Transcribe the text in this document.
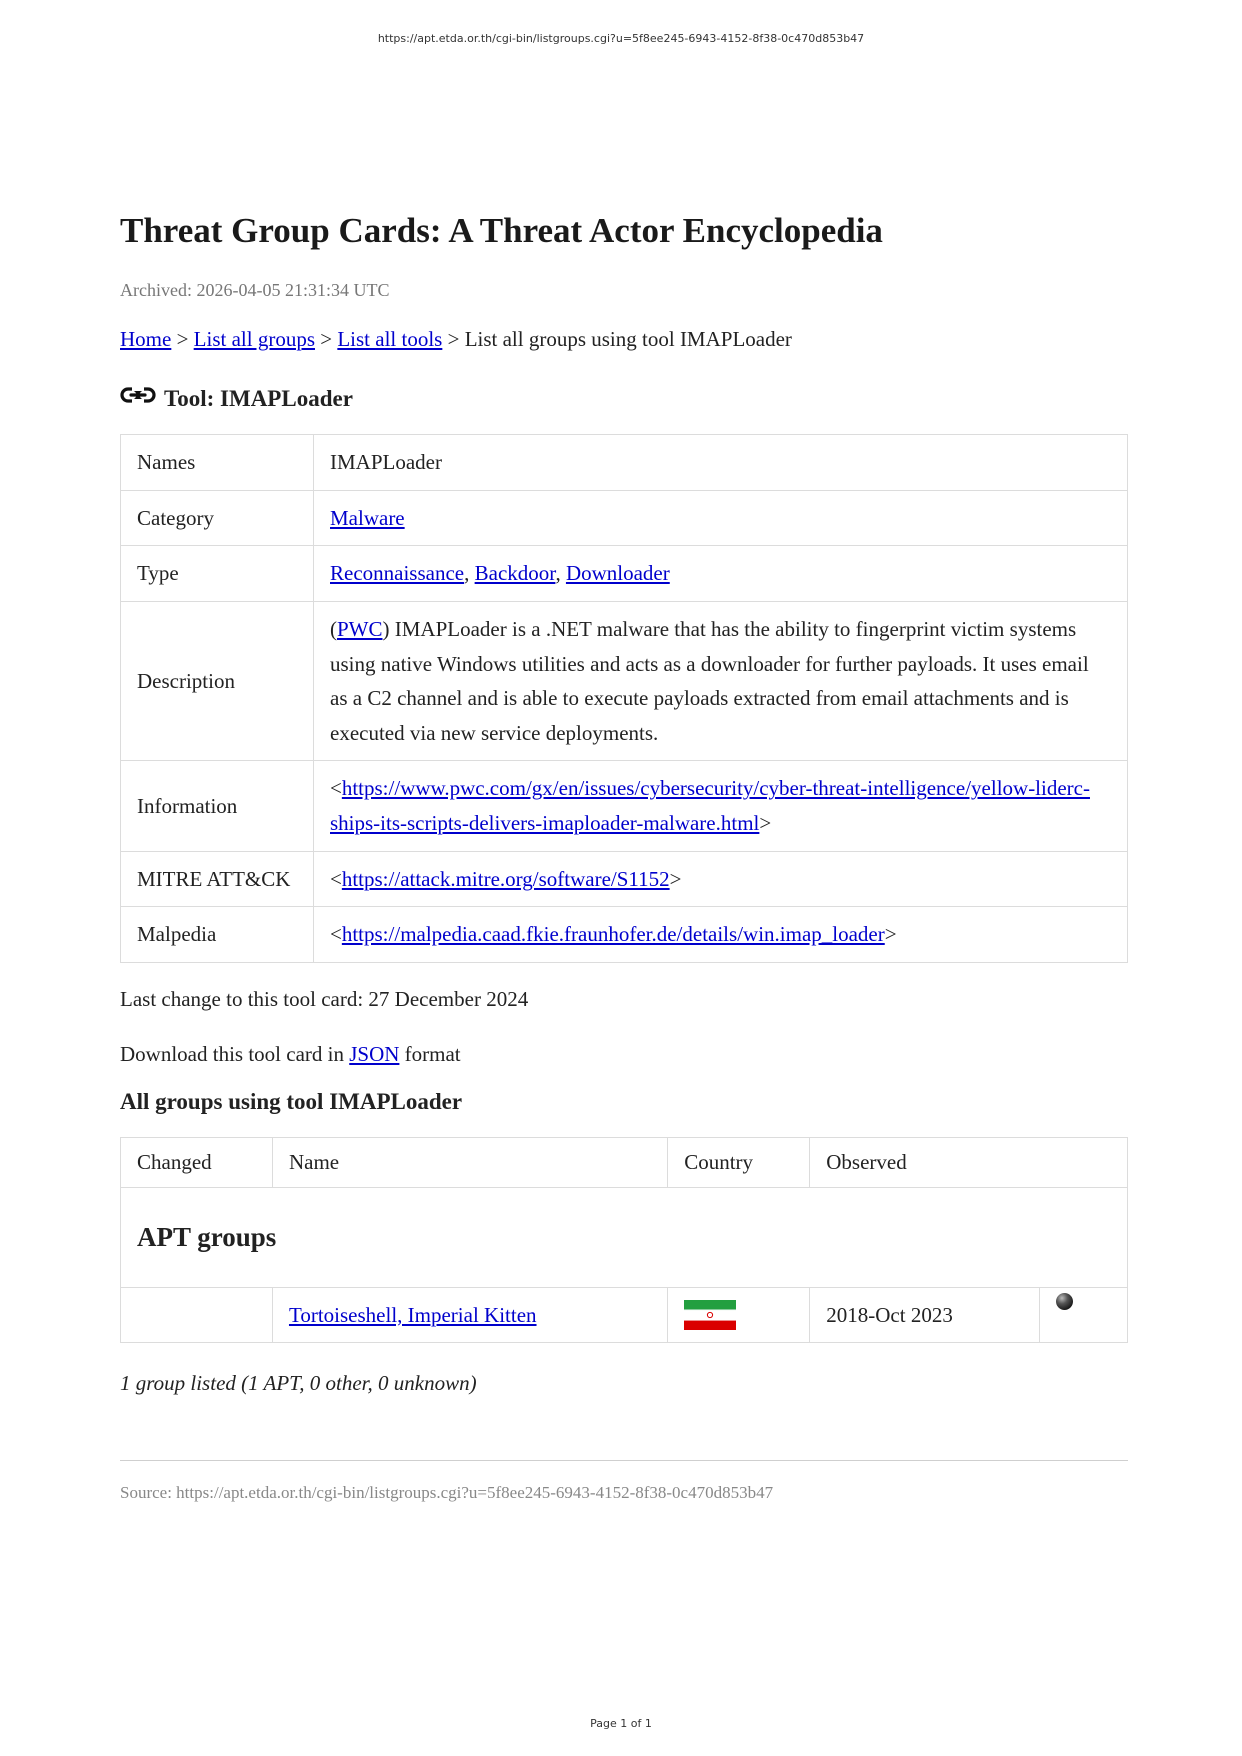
https://apt.etda.or.th/cgi-bin/listgroups.cgi?u=5f8ee245-6943-4152-8f38-0c470d853b47
Threat Group Cards: A Threat Actor Encyclopedia
Archived: 2026-04-05 21:31:34 UTC
Home > List all groups > List all tools > List all groups using tool IMAPLoader
Tool: IMAPLoader
Names	IMAPLoader
Category	Malware
Type	Reconnaissance, Backdoor, Downloader
Description	(PWC) IMAPLoader is a .NET malware that has the ability to fingerprint victim systems using native Windows utilities and acts as a downloader for further payloads. It uses email as a C2 channel and is able to execute payloads extracted from email attachments and is executed via new service deployments.
Information	<https://www.pwc.com/gx/en/issues/cybersecurity/cyber-threat-intelligence/yellow-liderc-ships-its-scripts-delivers-imaploader-malware.html>
MITRE ATT&CK	<https://attack.mitre.org/software/S1152>
Malpedia	<https://malpedia.caad.fkie.fraunhofer.de/details/win.imap_loader>
Last change to this tool card: 27 December 2024
Download this tool card in JSON format
All groups using tool IMAPLoader
Changed	Name	Country	Observed	
APT groups				
	Tortoiseshell, Imperial Kitten		2018-Oct 2023	
1 group listed (1 APT, 0 other, 0 unknown)
Source: https://apt.etda.or.th/cgi-bin/listgroups.cgi?u=5f8ee245-6943-4152-8f38-0c470d853b47
Page 1 of 1
